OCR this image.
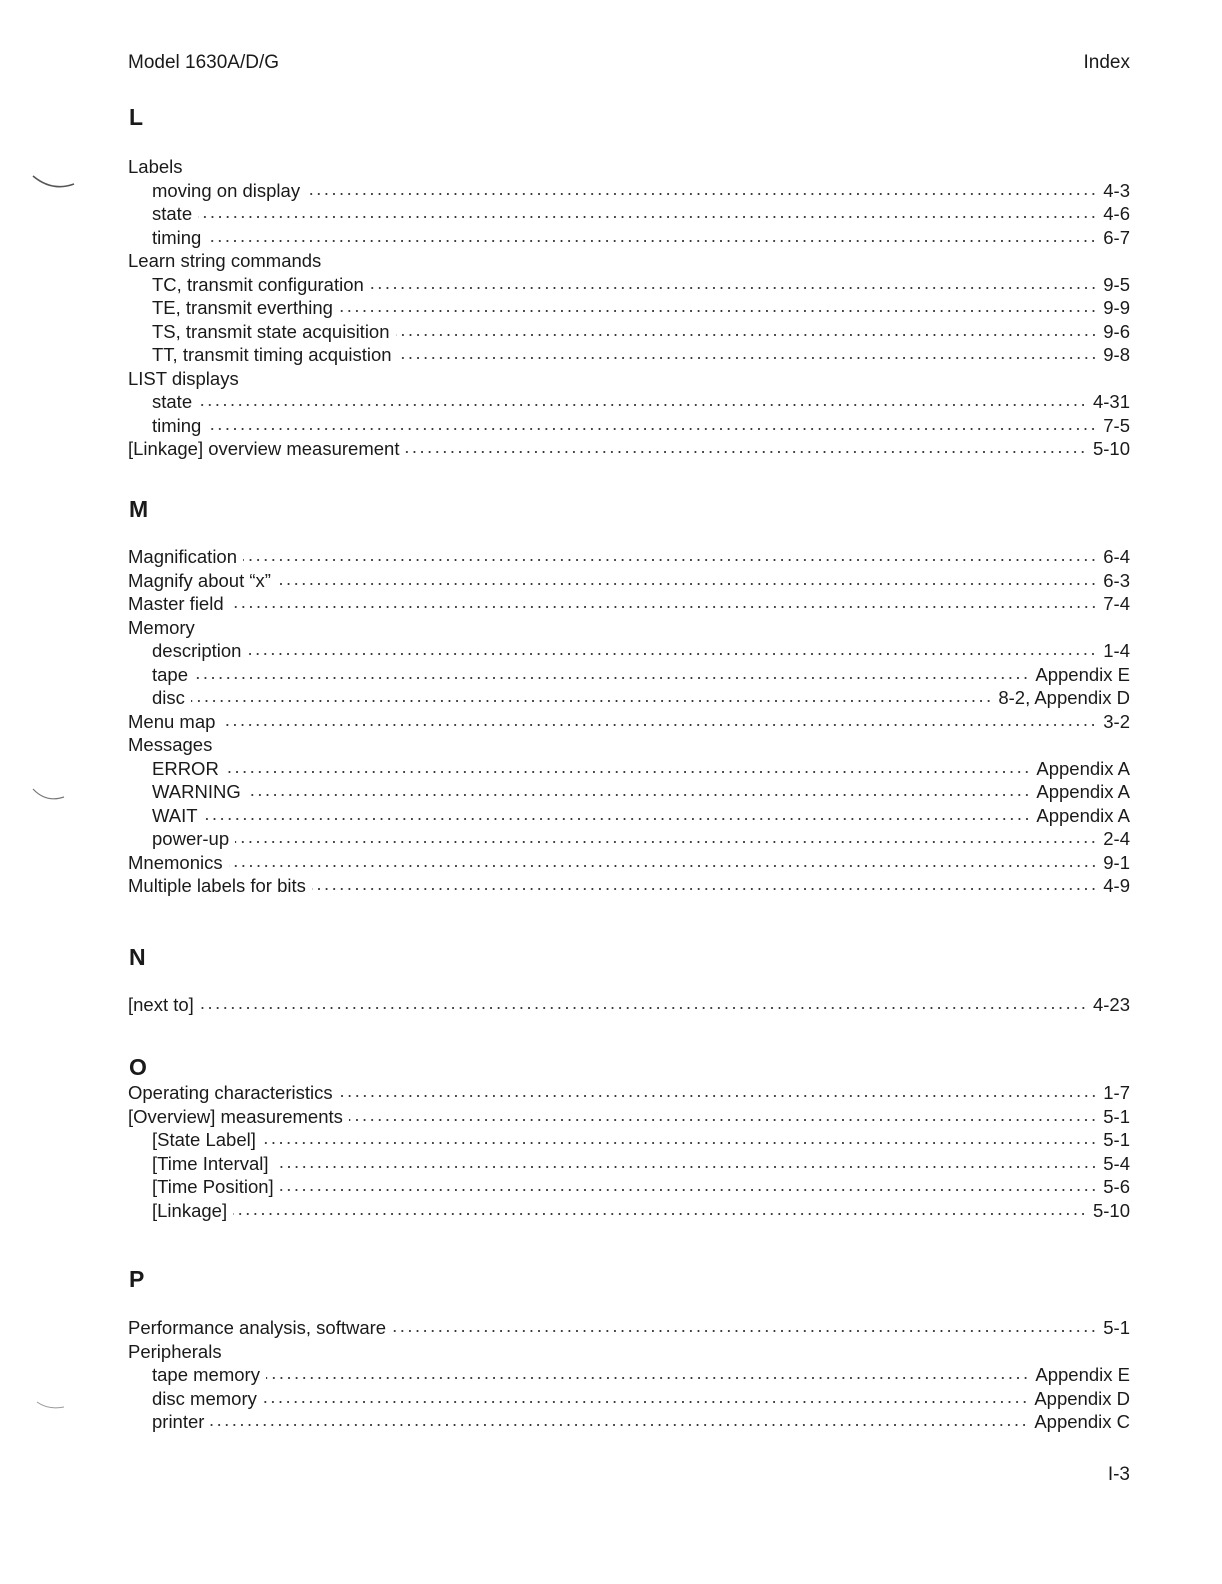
Model 1630A/D/G	Index
L
Labels
moving on display	4-3
state	4-6
timing	6-7
Learn string commands
TC, transmit configuration	9-5
TE, transmit everthing	9-9
TS, transmit state acquisition	9-6
TT, transmit timing acquistion	9-8
LIST displays
state	4-31
timing	7-5
[Linkage] overview measurement	5-10
M
Magnification	6-4
Magnify about “x”	6-3
Master field	7-4
Memory
description	1-4
tape	Appendix E
disc	8-2, Appendix D
Menu map	3-2
Messages
ERROR	Appendix A
WARNING	Appendix A
WAIT	Appendix A
power-up	2-4
Mnemonics	9-1
Multiple labels for bits	4-9
N
[next to]	4-23
O
Operating characteristics	1-7
[Overview] measurements	5-1
[State Label]	5-1
[Time Interval]	5-4
[Time Position]	5-6
[Linkage]	5-10
P
Performance analysis, software	5-1
Peripherals
tape memory	Appendix E
disc memory	Appendix D
printer	Appendix C
I-3
